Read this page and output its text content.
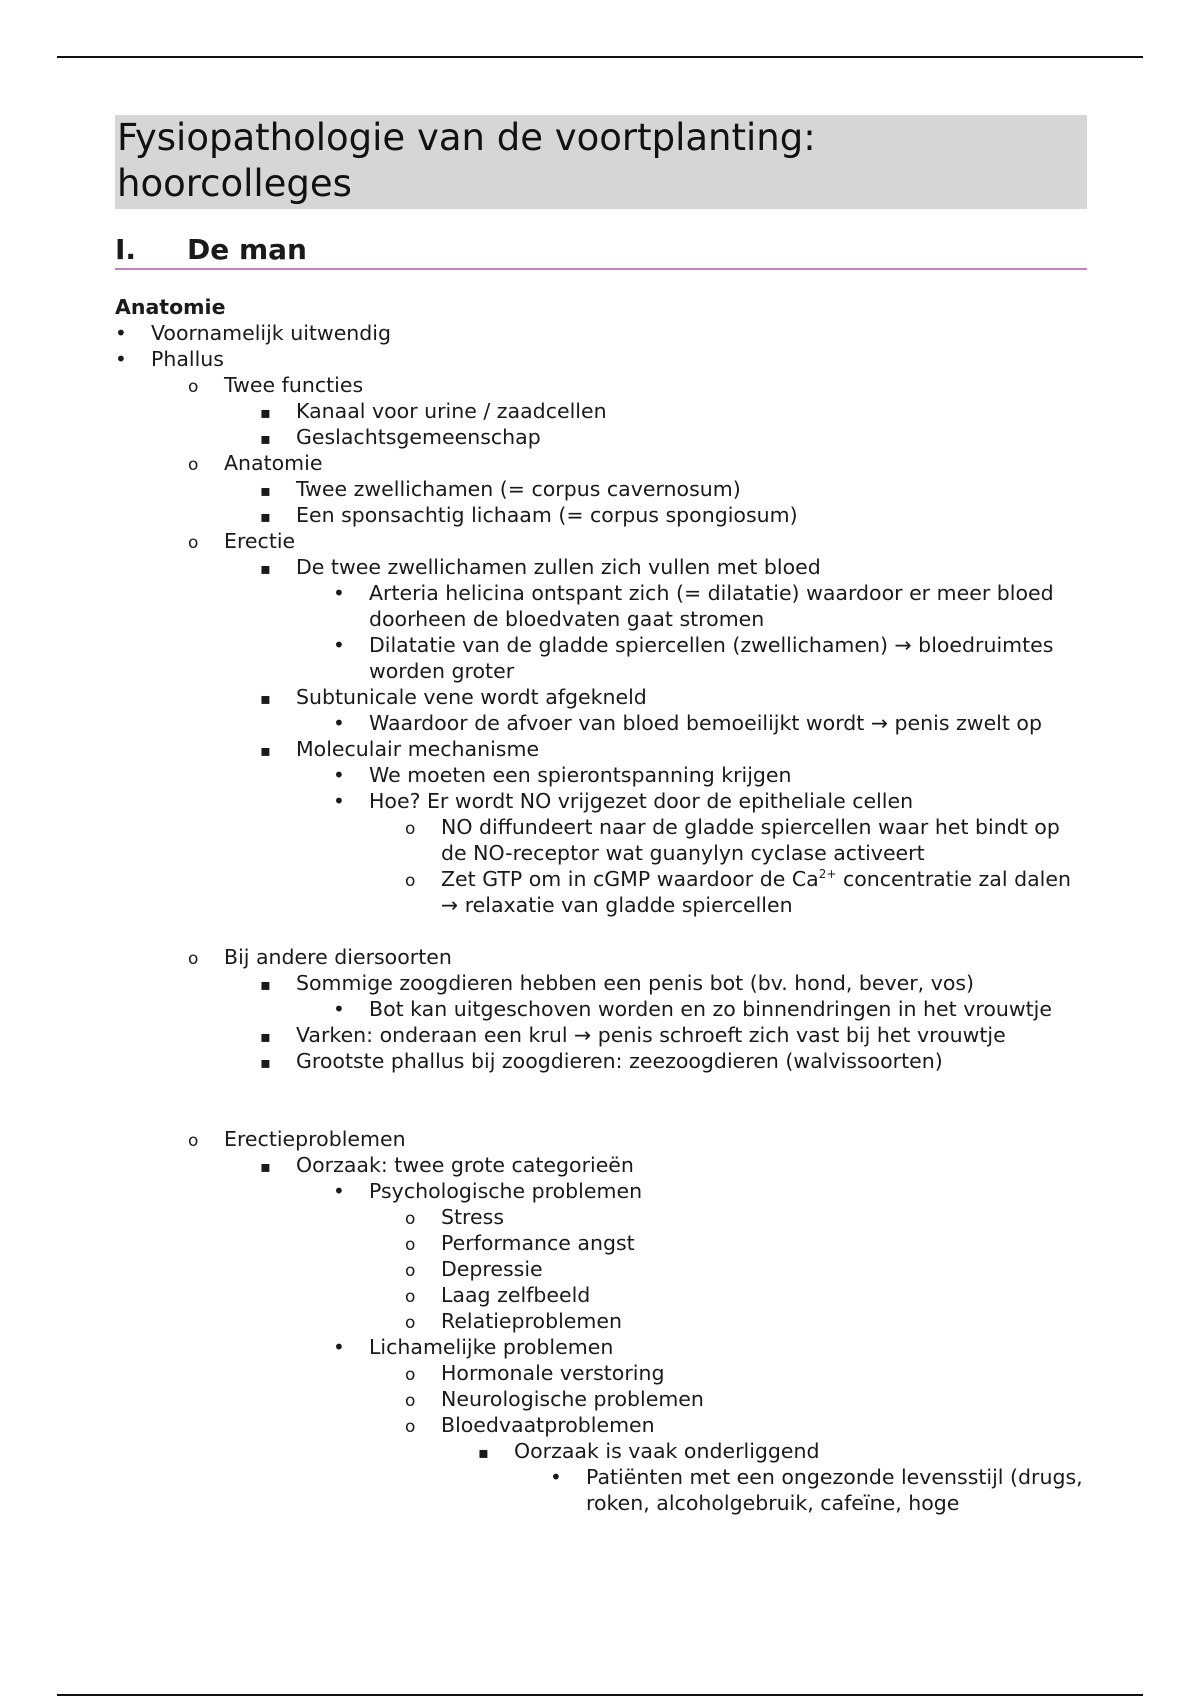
Fysiopathologie van de voortplanting:
hoorcolleges
I. De man
Anatomie
•
Voornamelijk uitwendig
•
Phallus
o
Twee functies
▪
Kanaal voor urine / zaadcellen
▪
Geslachtsgemeenschap
o
Anatomie
▪
Twee zwellichamen (= corpus cavernosum)
▪
Een sponsachtig lichaam (= corpus spongiosum)
o
Erectie
▪
De twee zwellichamen zullen zich vullen met bloed
•
Arteria helicina ontspant zich (= dilatatie) waardoor er meer bloed doorheen de bloedvaten gaat stromen
•
Dilatatie van de gladde spiercellen (zwellichamen) → bloedruimtes worden groter
▪
Subtunicale vene wordt afgekneld
•
Waardoor de afvoer van bloed bemoeilijkt wordt → penis zwelt op
▪
Moleculair mechanisme
•
We moeten een spierontspanning krijgen
•
Hoe? Er wordt NO vrijgezet door de epitheliale cellen
o
NO diffundeert naar de gladde spiercellen waar het bindt op de NO-receptor wat guanylyn cyclase activeert
o
Zet GTP om in cGMP waardoor de $Ca^{2+}$ concentratie zal dalen → relaxatie van gladde spiercellen
o
Bij andere diersoorten
▪
Sommige zoogdieren hebben een penis bot (bv. hond, bever, vos)
•
Bot kan uitgeschoven worden en zo binnendringen in het vrouwtje
▪
Varken: onderaan een krul → penis schroeft zich vast bij het vrouwtje
▪
Grootste phallus bij zoogdieren: zeezoogdieren (walvissoorten)
o
Erectieproblemen
▪
Oorzaak: twee grote categorieën
•
Psychologische problemen
o
Stress
o
Performance angst
o
Depressie
o
Laag zelfbeeld
o
Relatieproblemen
•
Lichamelijke problemen
o
Hormonale verstoring
o
Neurologische problemen
o
Bloedvaatproblemen
▪
Oorzaak is vaak onderliggend
•
Patiënten met een ongezonde levensstijl (drugs, roken, alcoholgebruik, cafeïne, hoge
